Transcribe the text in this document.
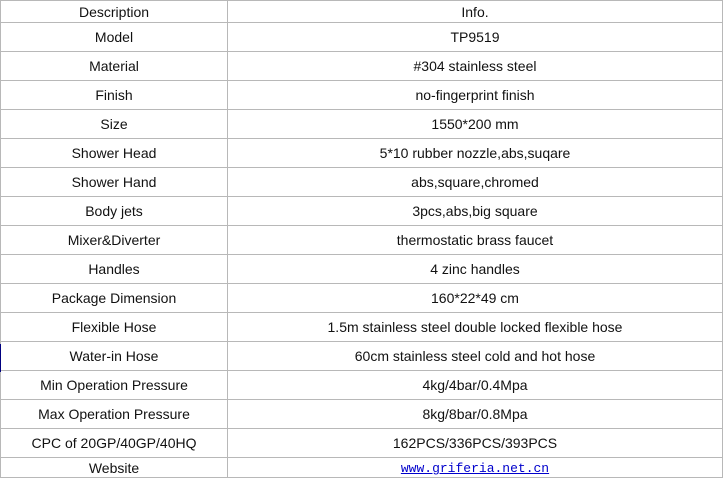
Description	Info.
Model	TP9519
Material	#304 stainless steel
Finish	no-fingerprint finish
Size	1550*200 mm
Shower Head	5*10 rubber nozzle,abs,suqare
Shower Hand	abs,square,chromed
Body jets	3pcs,abs,big square
Mixer&Diverter	thermostatic brass faucet
Handles	4 zinc handles
Package Dimension	160*22*49 cm
Flexible Hose	1.5m stainless steel double locked flexible hose
Water-in Hose	60cm stainless steel cold and hot hose
Min Operation Pressure	4kg/4bar/0.4Mpa
Max Operation Pressure	8kg/8bar/0.8Mpa
CPC of 20GP/40GP/40HQ	162PCS/336PCS/393PCS
Website	www.griferia.net.cn
